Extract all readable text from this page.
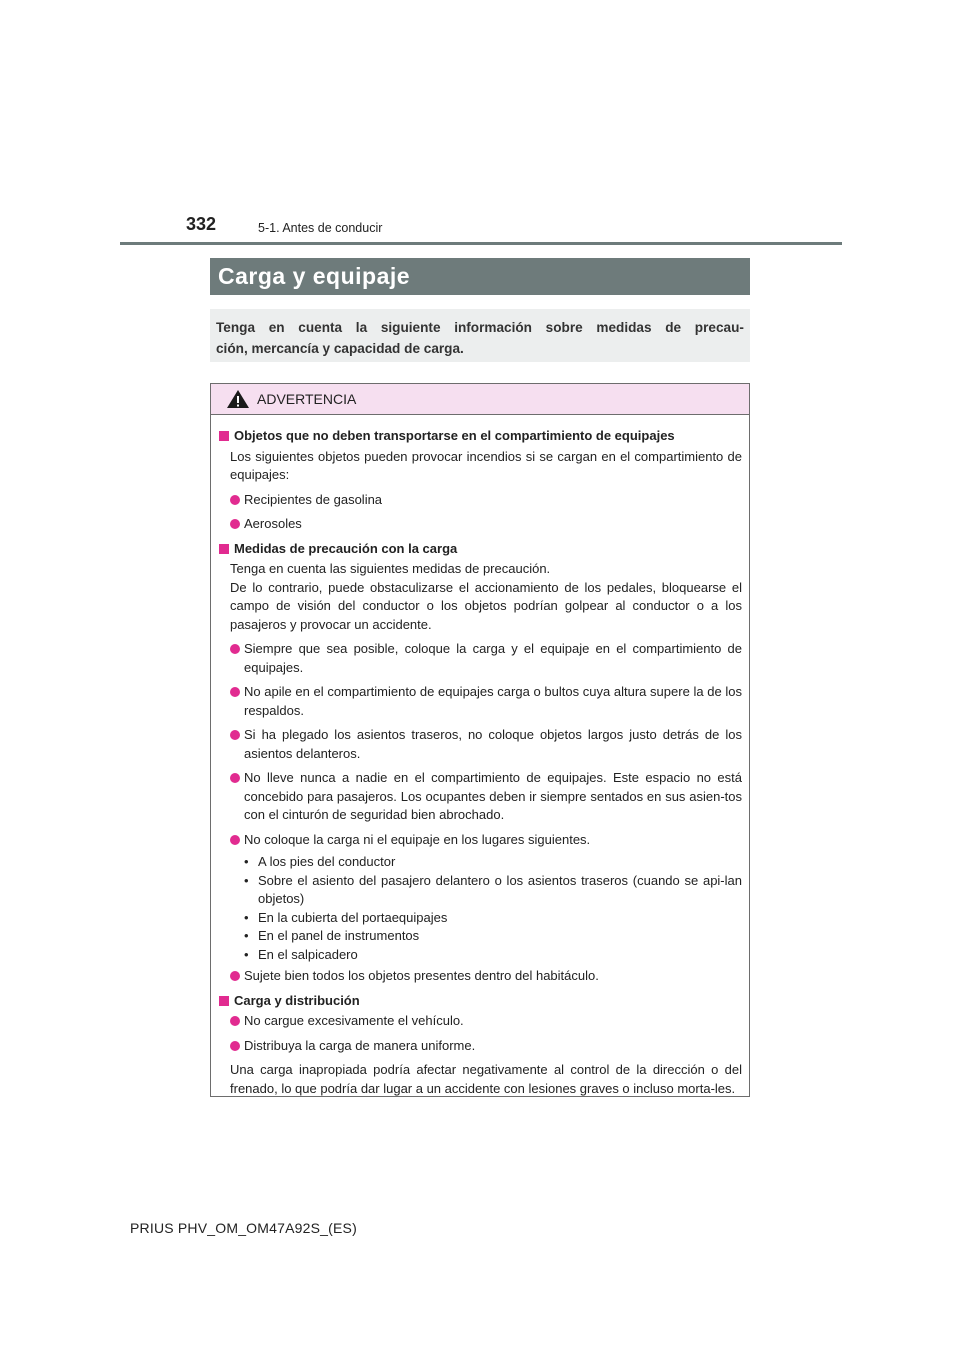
332	5-1. Antes de conducir
Carga y equipaje
Tenga en cuenta la siguiente información sobre medidas de precau-
ción, mercancía y capacidad de carga.
ADVERTENCIA
Objetos que no deben transportarse en el compartimiento de equipajes
Los siguientes objetos pueden provocar incendios si se cargan en el compartimiento de equipajes:
Recipientes de gasolina
Aerosoles
Medidas de precaución con la carga
Tenga en cuenta las siguientes medidas de precaución.
De lo contrario, puede obstaculizarse el accionamiento de los pedales, bloquearse el campo de visión del conductor o los objetos podrían golpear al conductor o a los pasajeros y provocar un accidente.
Siempre que sea posible, coloque la carga y el equipaje en el compartimiento de equipajes.
No apile en el compartimiento de equipajes carga o bultos cuya altura supere la de los respaldos.
Si ha plegado los asientos traseros, no coloque objetos largos justo detrás de los asientos delanteros.
No lleve nunca a nadie en el compartimiento de equipajes. Este espacio no está concebido para pasajeros. Los ocupantes deben ir siempre sentados en sus asien-tos con el cinturón de seguridad bien abrochado.
No coloque la carga ni el equipaje en los lugares siguientes.
• A los pies del conductor
• Sobre el asiento del pasajero delantero o los asientos traseros (cuando se api-lan objetos)
• En la cubierta del portaequipajes
• En el panel de instrumentos
• En el salpicadero
Sujete bien todos los objetos presentes dentro del habitáculo.
Carga y distribución
No cargue excesivamente el vehículo.
Distribuya la carga de manera uniforme.
Una carga inapropiada podría afectar negativamente al control de la dirección o del frenado, lo que podría dar lugar a un accidente con lesiones graves o incluso morta-les.
PRIUS PHV_OM_OM47A92S_(ES)
